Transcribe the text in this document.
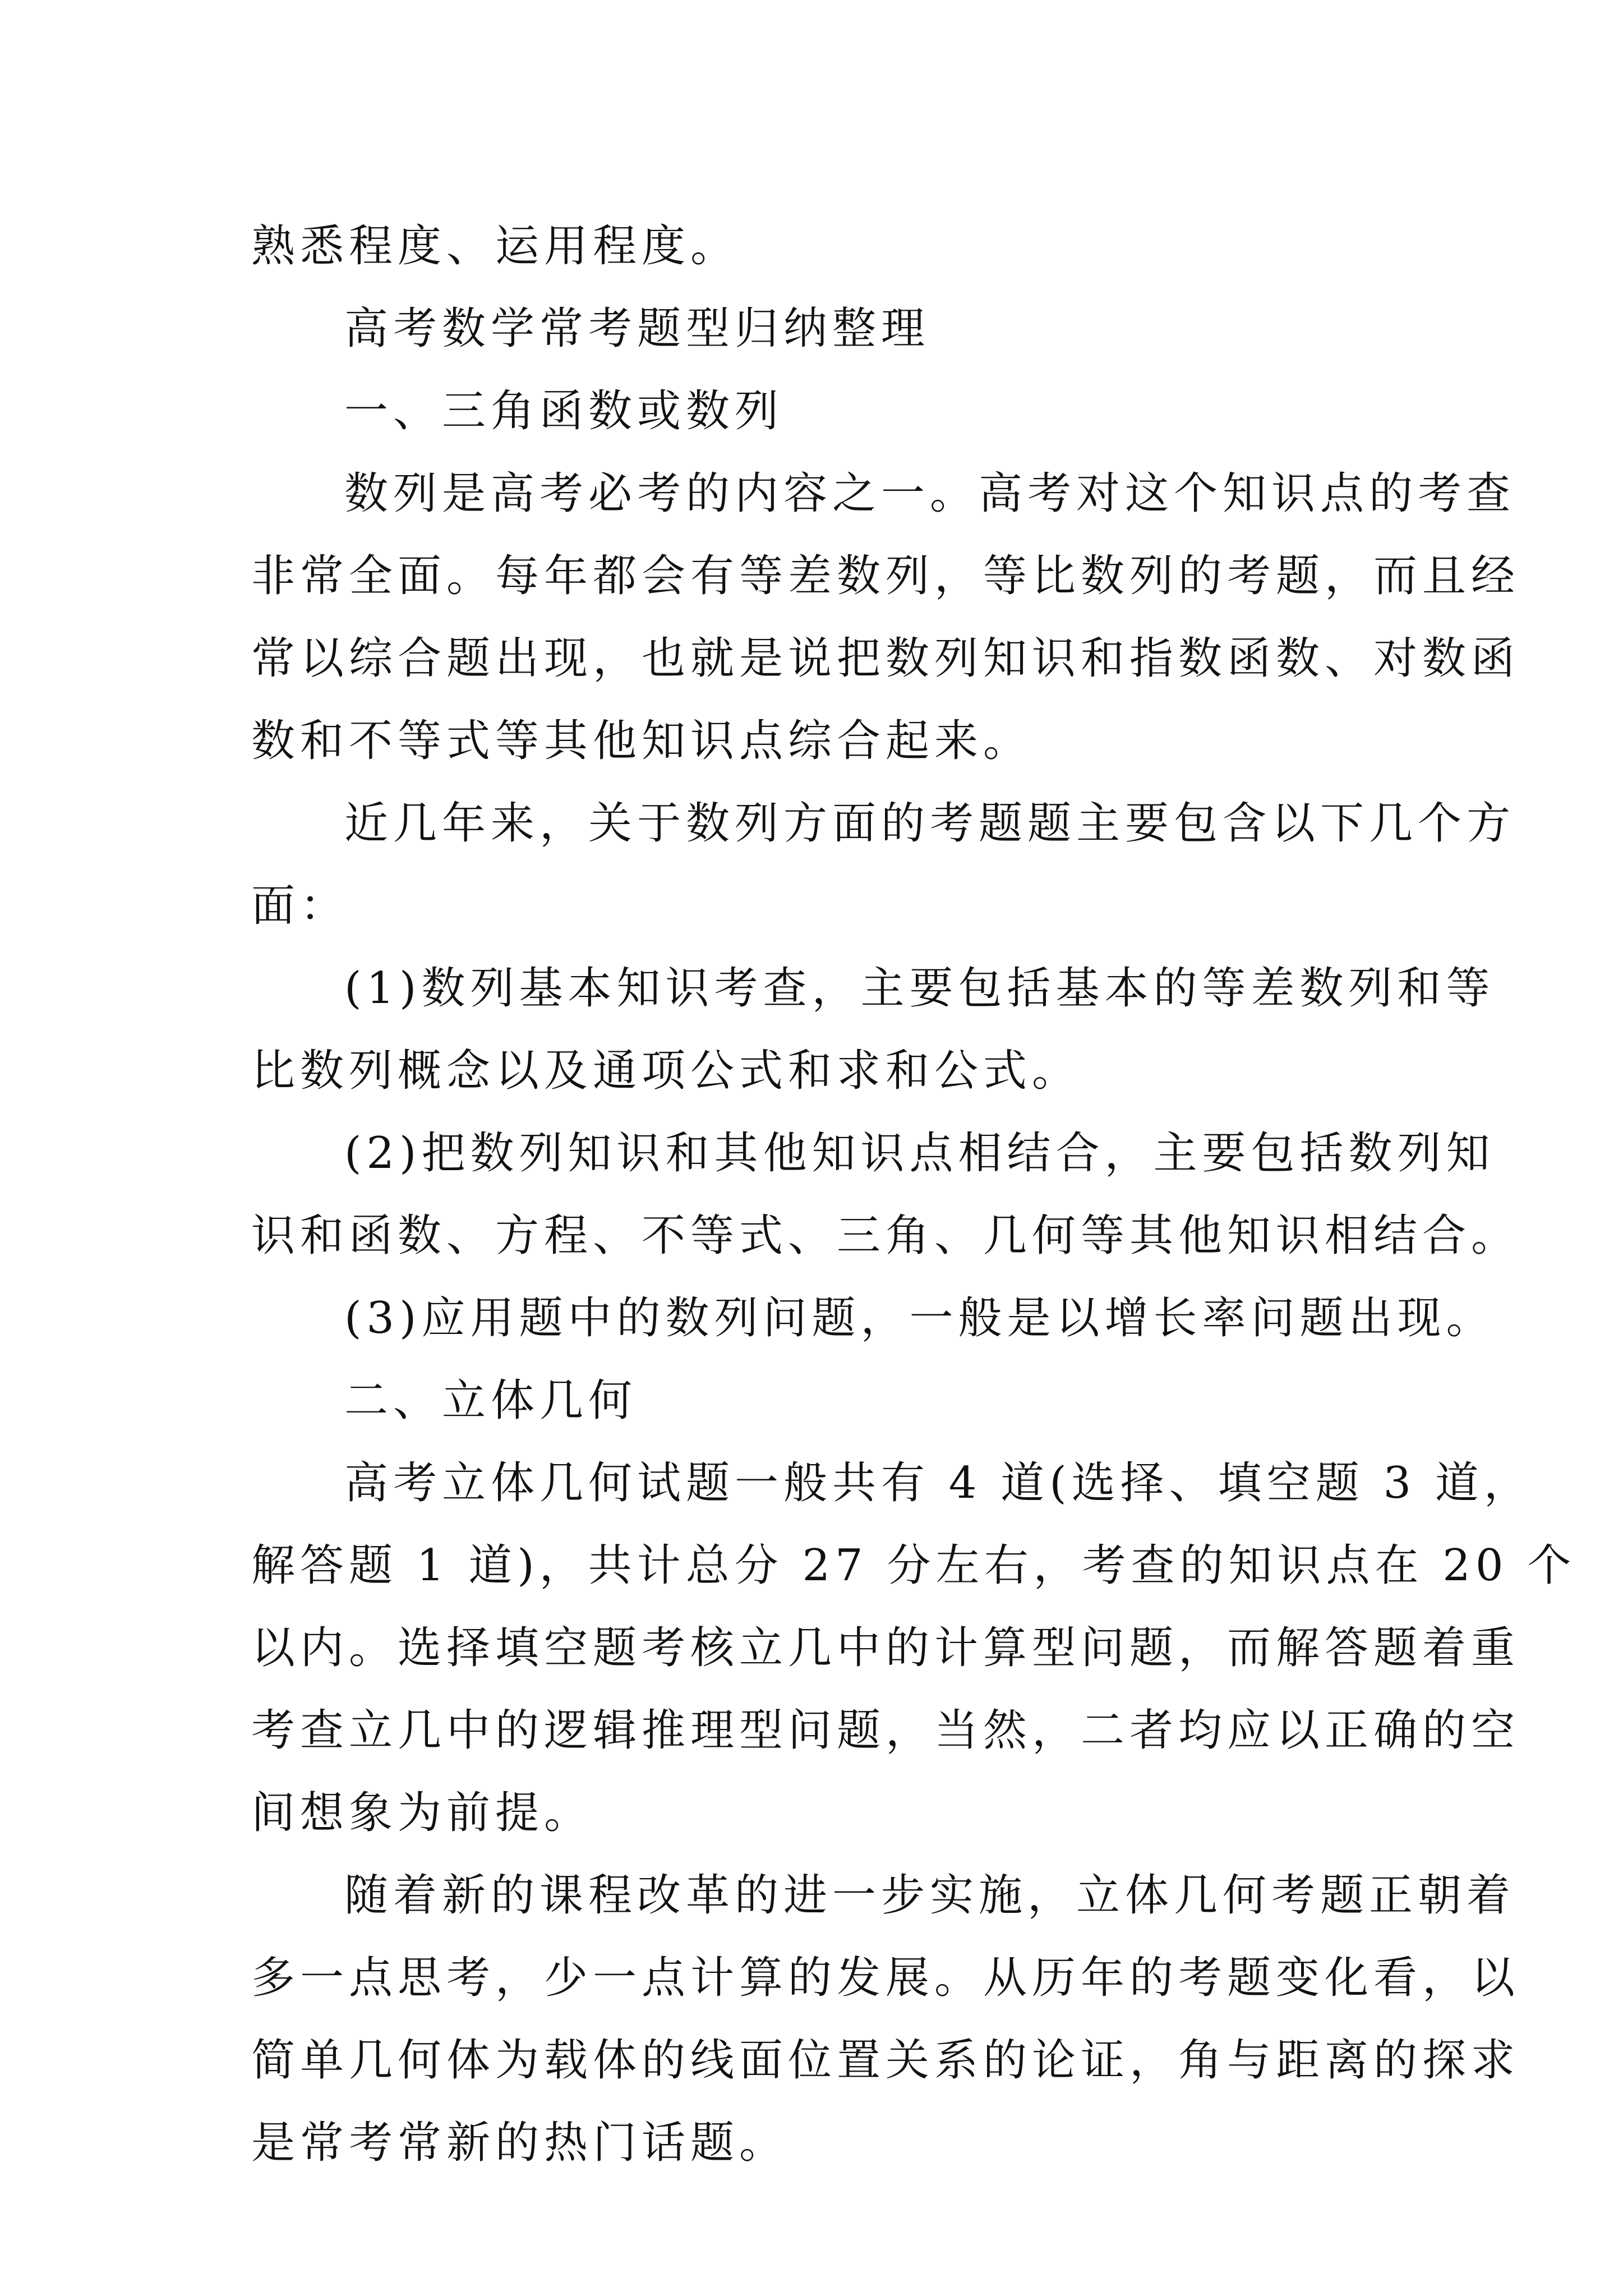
熟悉程度、运用程度。
高考数学常考题型归纳整理
一、三角函数或数列
数列是高考必考的内容之一。高考对这个知识点的考查
非常全面。每年都会有等差数列，等比数列的考题，而且经
常以综合题出现，也就是说把数列知识和指数函数、对数函
数和不等式等其他知识点综合起来。
近几年来，关于数列方面的考题题主要包含以下几个方
面：
(1)数列基本知识考查，主要包括基本的等差数列和等
比数列概念以及通项公式和求和公式。
(2)把数列知识和其他知识点相结合，主要包括数列知
识和函数、方程、不等式、三角、几何等其他知识相结合。
(3)应用题中的数列问题，一般是以增长率问题出现。
二、立体几何
高考立体几何试题一般共有 4 道(选择、填空题 3 道，
解答题 1 道)，共计总分 27 分左右，考查的知识点在 20 个
以内。选择填空题考核立几中的计算型问题，而解答题着重
考查立几中的逻辑推理型问题，当然，二者均应以正确的空
间想象为前提。
随着新的课程改革的进一步实施，立体几何考题正朝着
多一点思考，少一点计算的发展。从历年的考题变化看，以
简单几何体为载体的线面位置关系的论证，角与距离的探求
是常考常新的热门话题。
